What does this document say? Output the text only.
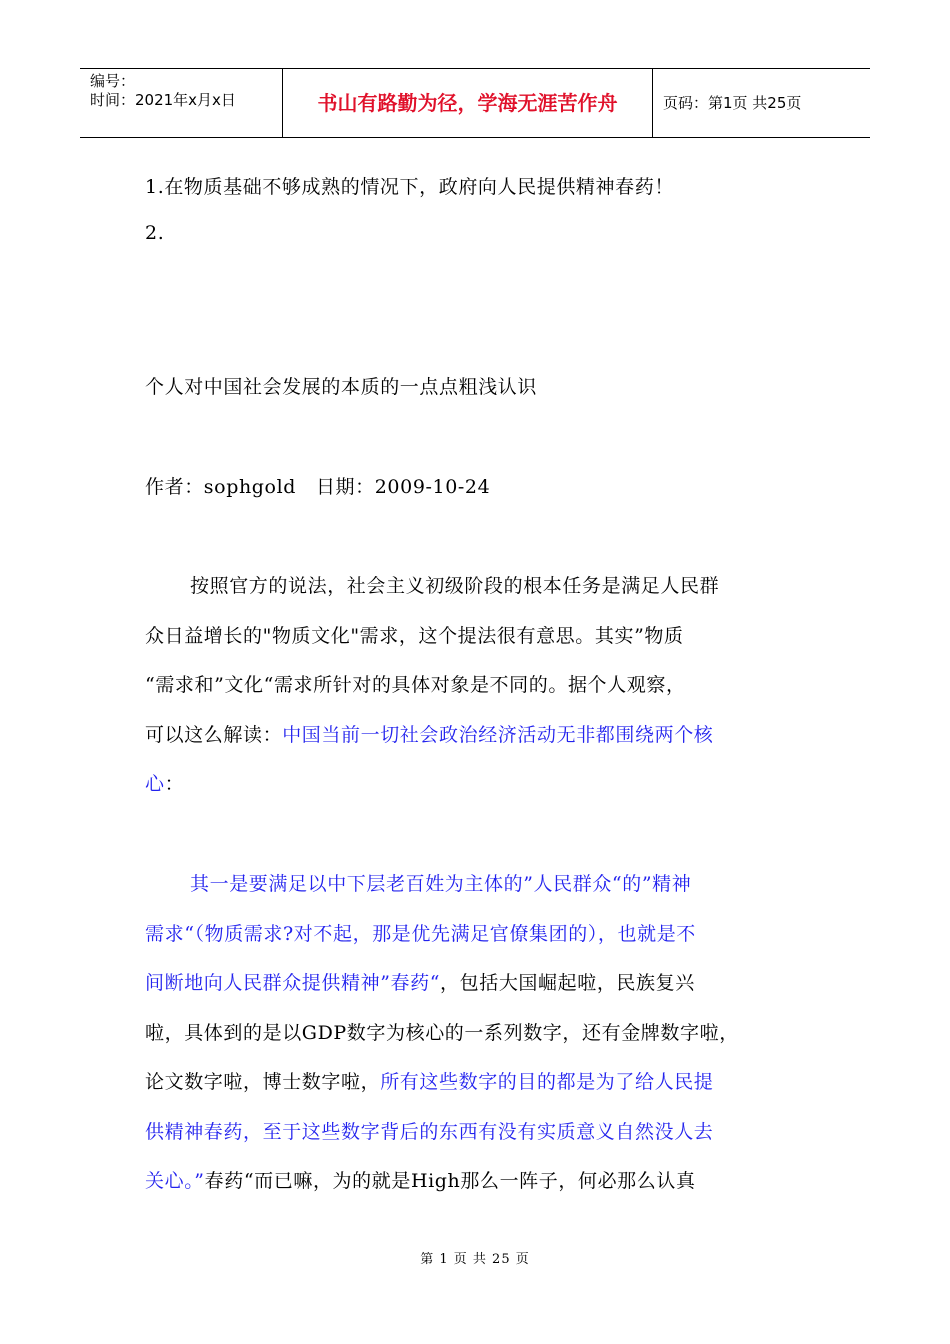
编号：
时间：2021年x月x日	书山有路勤为径，学海无涯苦作舟	页码：第1页 共25页
1.在物质基础不够成熟的情况下，政府向人民提供精神春药！
2.
个人对中国社会发展的本质的一点点粗浅认识
作者：sophgold   日期：2009-10-24
按照官方的说法，社会主义初级阶段的根本任务是满足人民群
众日益增长的"物质文化"需求，这个提法很有意思。其实”物质
“需求和”文化“需求所针对的具体对象是不同的。据个人观察，
可以这么解读：中国当前一切社会政治经济活动无非都围绕两个核
心：
其一是要满足以中下层老百姓为主体的”人民群众“的”精神
需求“（物质需求?对不起，那是优先满足官僚集团的），也就是不
间断地向人民群众提供精神”春药“，包括大国崛起啦，民族复兴
啦，具体到的是以GDP数字为核心的一系列数字，还有金牌数字啦，
论文数字啦，博士数字啦，所有这些数字的目的都是为了给人民提
供精神春药，至于这些数字背后的东西有没有实质意义自然没人去
关心。”春药“而已嘛，为的就是High那么一阵子，何必那么认真
第 1 页 共 25 页
